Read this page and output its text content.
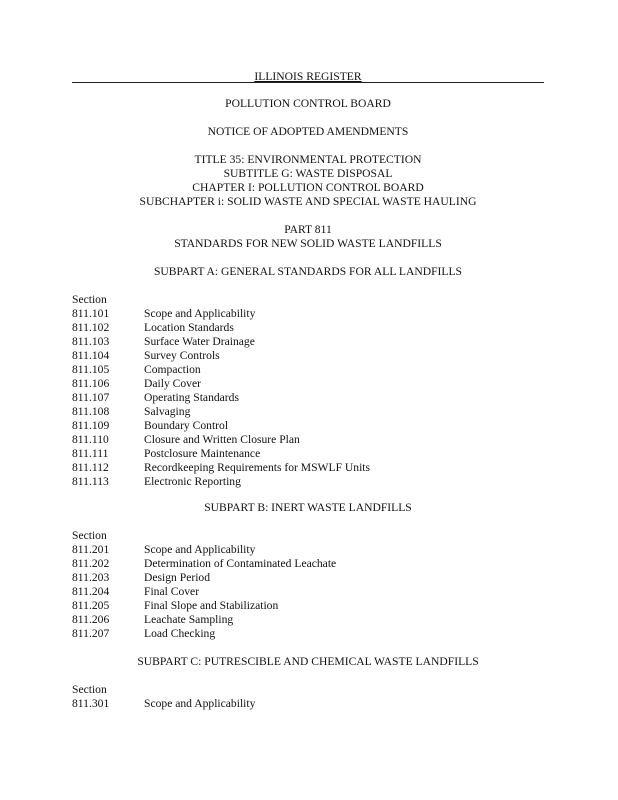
ILLINOIS REGISTER
POLLUTION CONTROL BOARD
NOTICE OF ADOPTED AMENDMENTS
TITLE 35: ENVIRONMENTAL PROTECTION
SUBTITLE G: WASTE DISPOSAL
CHAPTER I: POLLUTION CONTROL BOARD
SUBCHAPTER i: SOLID WASTE AND SPECIAL WASTE HAULING
PART 811
STANDARDS FOR NEW SOLID WASTE LANDFILLS
SUBPART A: GENERAL STANDARDS FOR ALL LANDFILLS
Section
811.101	Scope and Applicability
811.102	Location Standards
811.103	Surface Water Drainage
811.104	Survey Controls
811.105	Compaction
811.106	Daily Cover
811.107	Operating Standards
811.108	Salvaging
811.109	Boundary Control
811.110	Closure and Written Closure Plan
811.111	Postclosure Maintenance
811.112	Recordkeeping Requirements for MSWLF Units
811.113	Electronic Reporting
SUBPART B: INERT WASTE LANDFILLS
Section
811.201	Scope and Applicability
811.202	Determination of Contaminated Leachate
811.203	Design Period
811.204	Final Cover
811.205	Final Slope and Stabilization
811.206	Leachate Sampling
811.207	Load Checking
SUBPART C: PUTRESCIBLE AND CHEMICAL WASTE LANDFILLS
Section
811.301	Scope and Applicability
